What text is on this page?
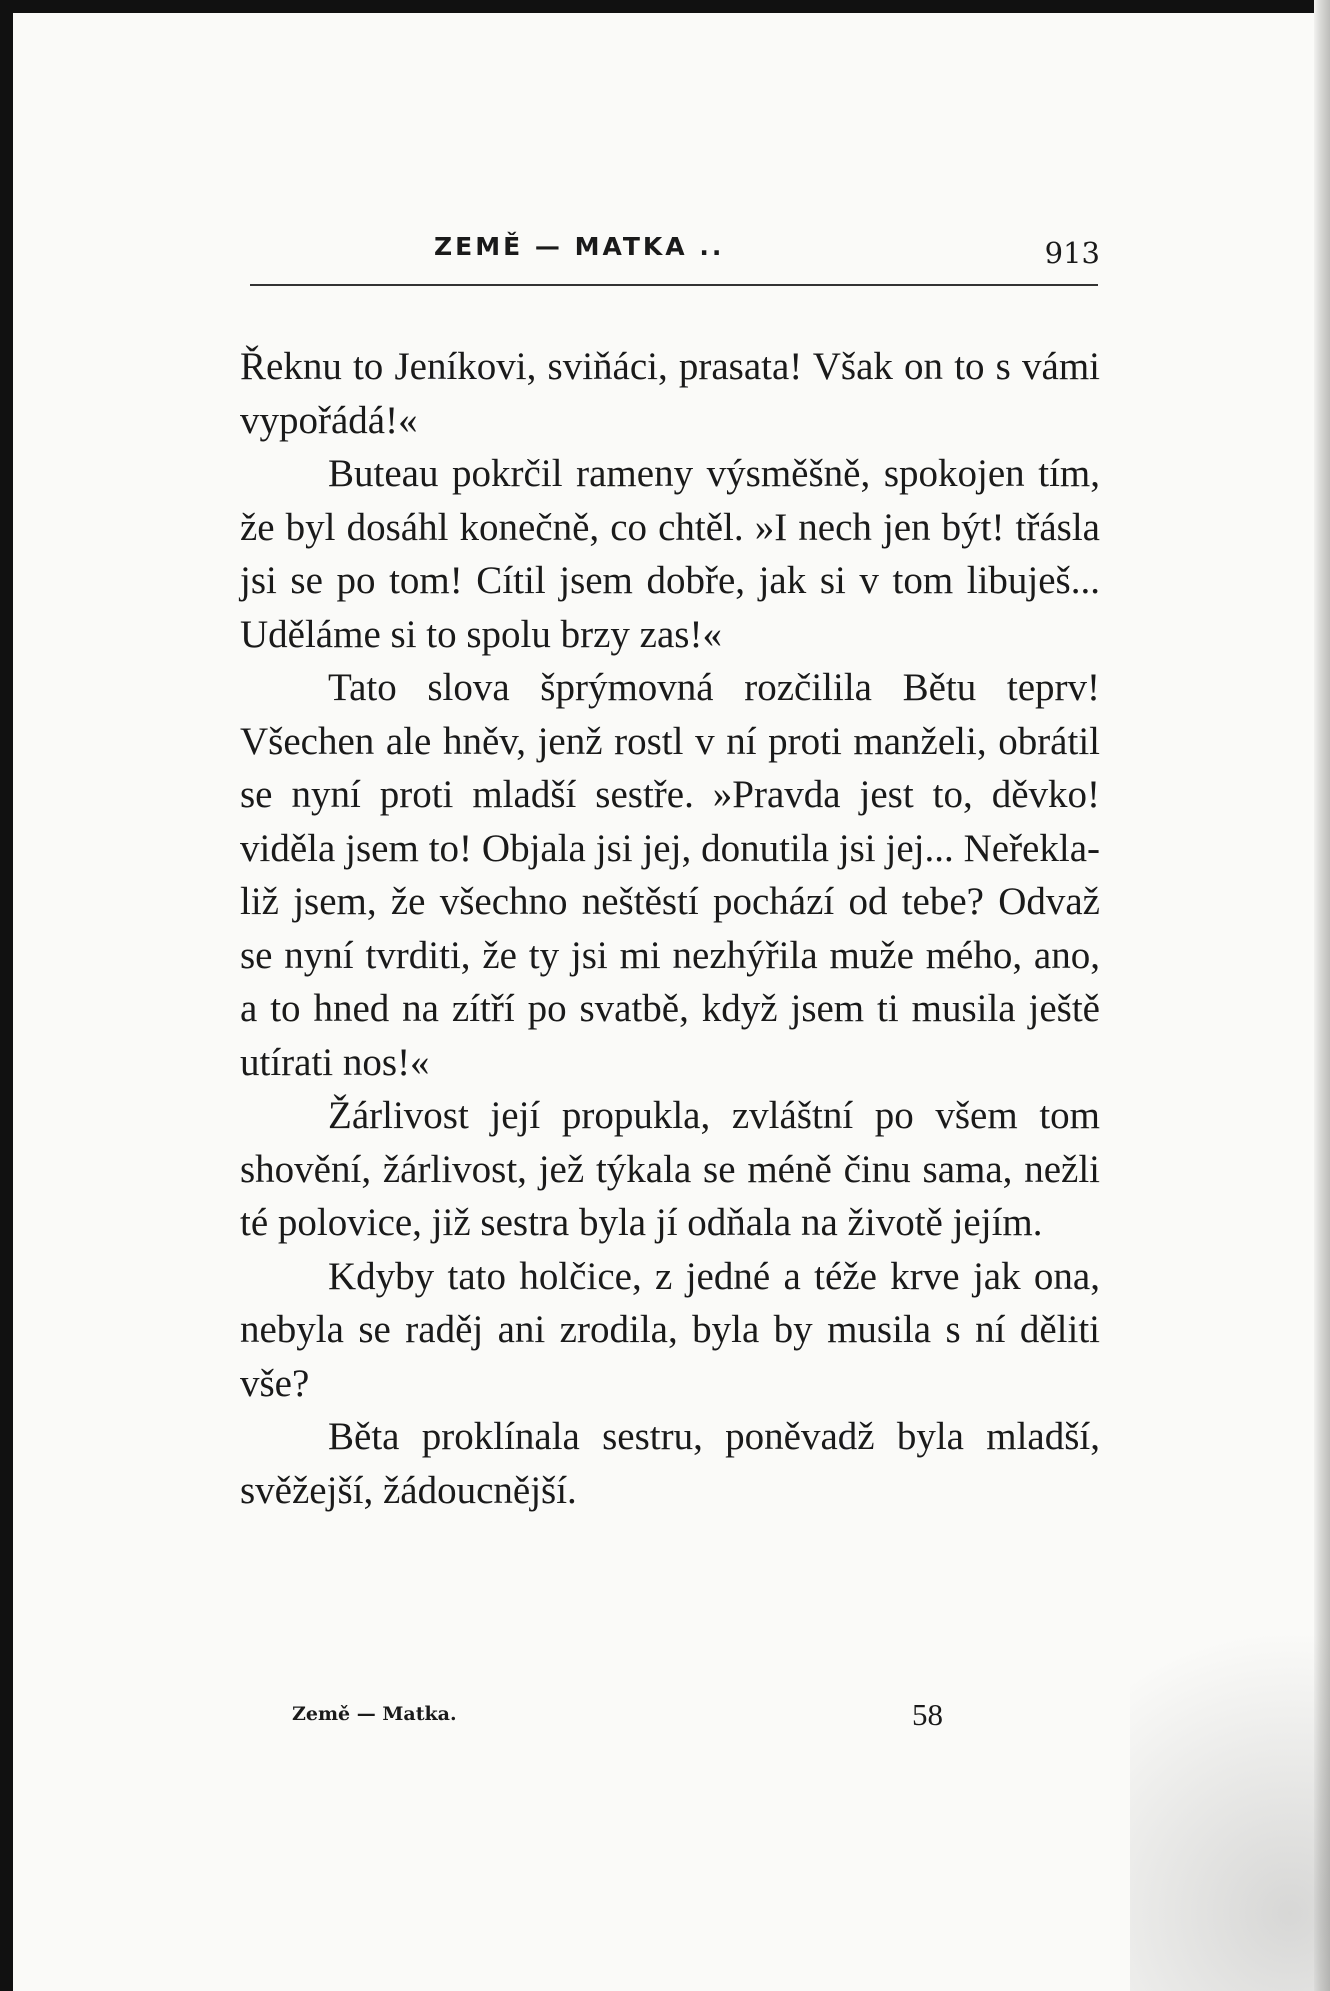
ZEMĚ — MATKA ..	913

Řeknu to Jeníkovi, sviňáci, prasata! Však on to s vámi vypořádá!«

Buteau pokrčil rameny výsměšně, spokojen tím, že byl dosáhl konečně, co chtěl. »I nech jen být! třásla jsi se po tom! Cítil jsem dobře, jak si v tom libuješ... Uděláme si to spolu brzy zas!«

Tato slova šprýmovná rozčililа Bětu teprv! Všechen ale hněv, jenž rostl v ní proti manželi, obrátil se nyní proti mladší sestře. »Pravda jest to, děvko! viděla jsem to! Objala jsi jej, donutila jsi jej... Neřekla-liž jsem, že všechno neštěstí pochází od tebe? Odvaž se nyní tvrditi, že ty jsi mi nezhýřila muže mého, ano, a to hned na zítří po svatbě, když jsem ti musila ještě utírati nos!«

Žárlivost její propukla, zvláštní po všem tom shovění, žárlivost, jež týkala se méně činu sama, nežli té polovice, již sestra byla jí odňala na životě jejím.

Kdyby tato holčice, z jedné a téže krve jak ona, nebyla se raděj ani zrodila, byla by musila s ní děliti vše?

Běta proklínala sestru, poněvadž byla mladší, svěžejší, žádoucnější.

Země — Matka.	58
